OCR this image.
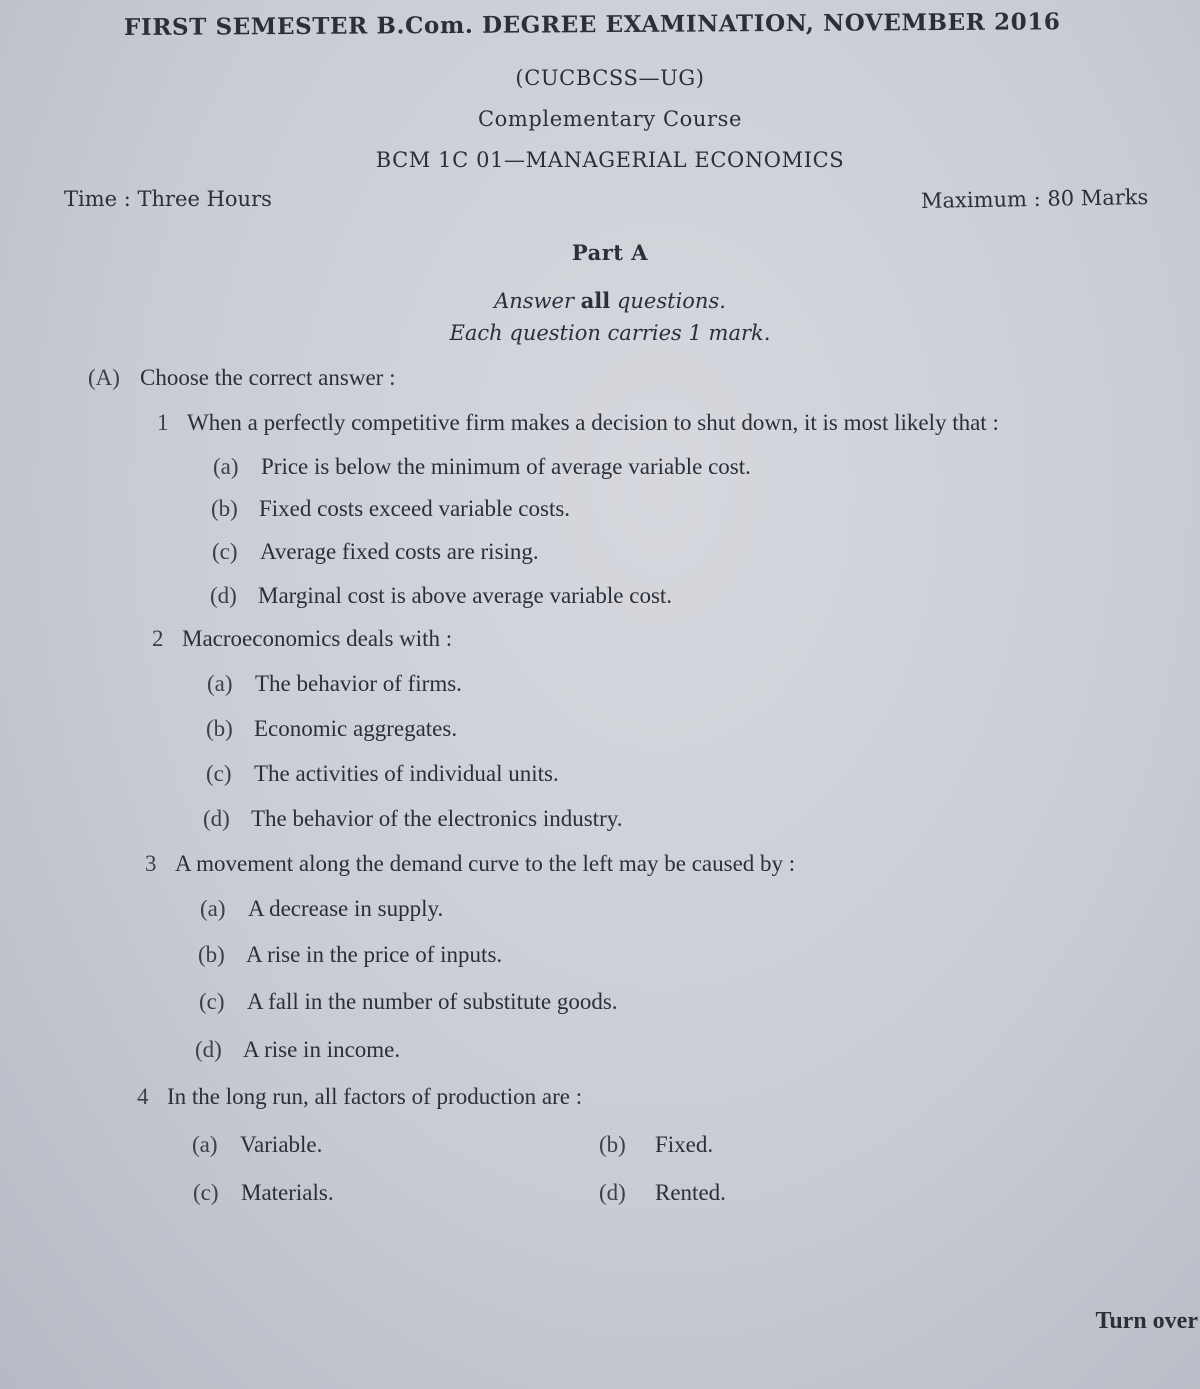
FIRST SEMESTER B.Com. DEGREE EXAMINATION, NOVEMBER 2016
(CUCBCSS—UG)
Complementary Course
BCM 1C 01—MANAGERIAL ECONOMICS
Time : Three Hours	Maximum : 80 Marks
Part A
Answer all questions.
Each question carries 1 mark.
(A) Choose the correct answer :
1 When a perfectly competitive firm makes a decision to shut down, it is most likely that :
(a) Price is below the minimum of average variable cost.
(b) Fixed costs exceed variable costs.
(c) Average fixed costs are rising.
(d) Marginal cost is above average variable cost.
2 Macroeconomics deals with :
(a) The behavior of firms.
(b) Economic aggregates.
(c) The activities of individual units.
(d) The behavior of the electronics industry.
3 A movement along the demand curve to the left may be caused by :
(a) A decrease in supply.
(b) A rise in the price of inputs.
(c) A fall in the number of substitute goods.
(d) A rise in income.
4 In the long run, all factors of production are :
(a) Variable.	(b) Fixed.
(c) Materials.	(d) Rented.
Turn over
